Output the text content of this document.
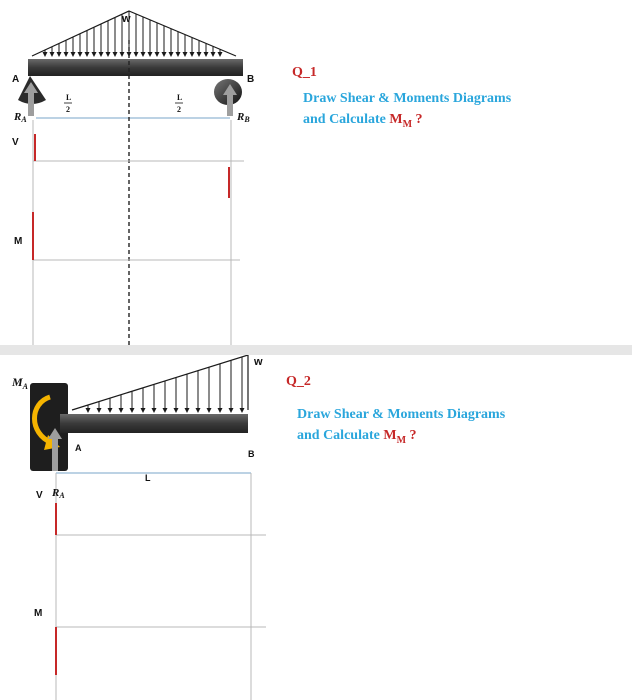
w
A	B
L
2
L
2
RA	RB
V
M
Q_1
Draw Shear & Moments Diagrams
and Calculate $M_M$ ?
w
$M_A$
A
B
L
V RA
M
Q_2
Draw Shear & Moments Diagrams
and Calculate $M_M$ ?
